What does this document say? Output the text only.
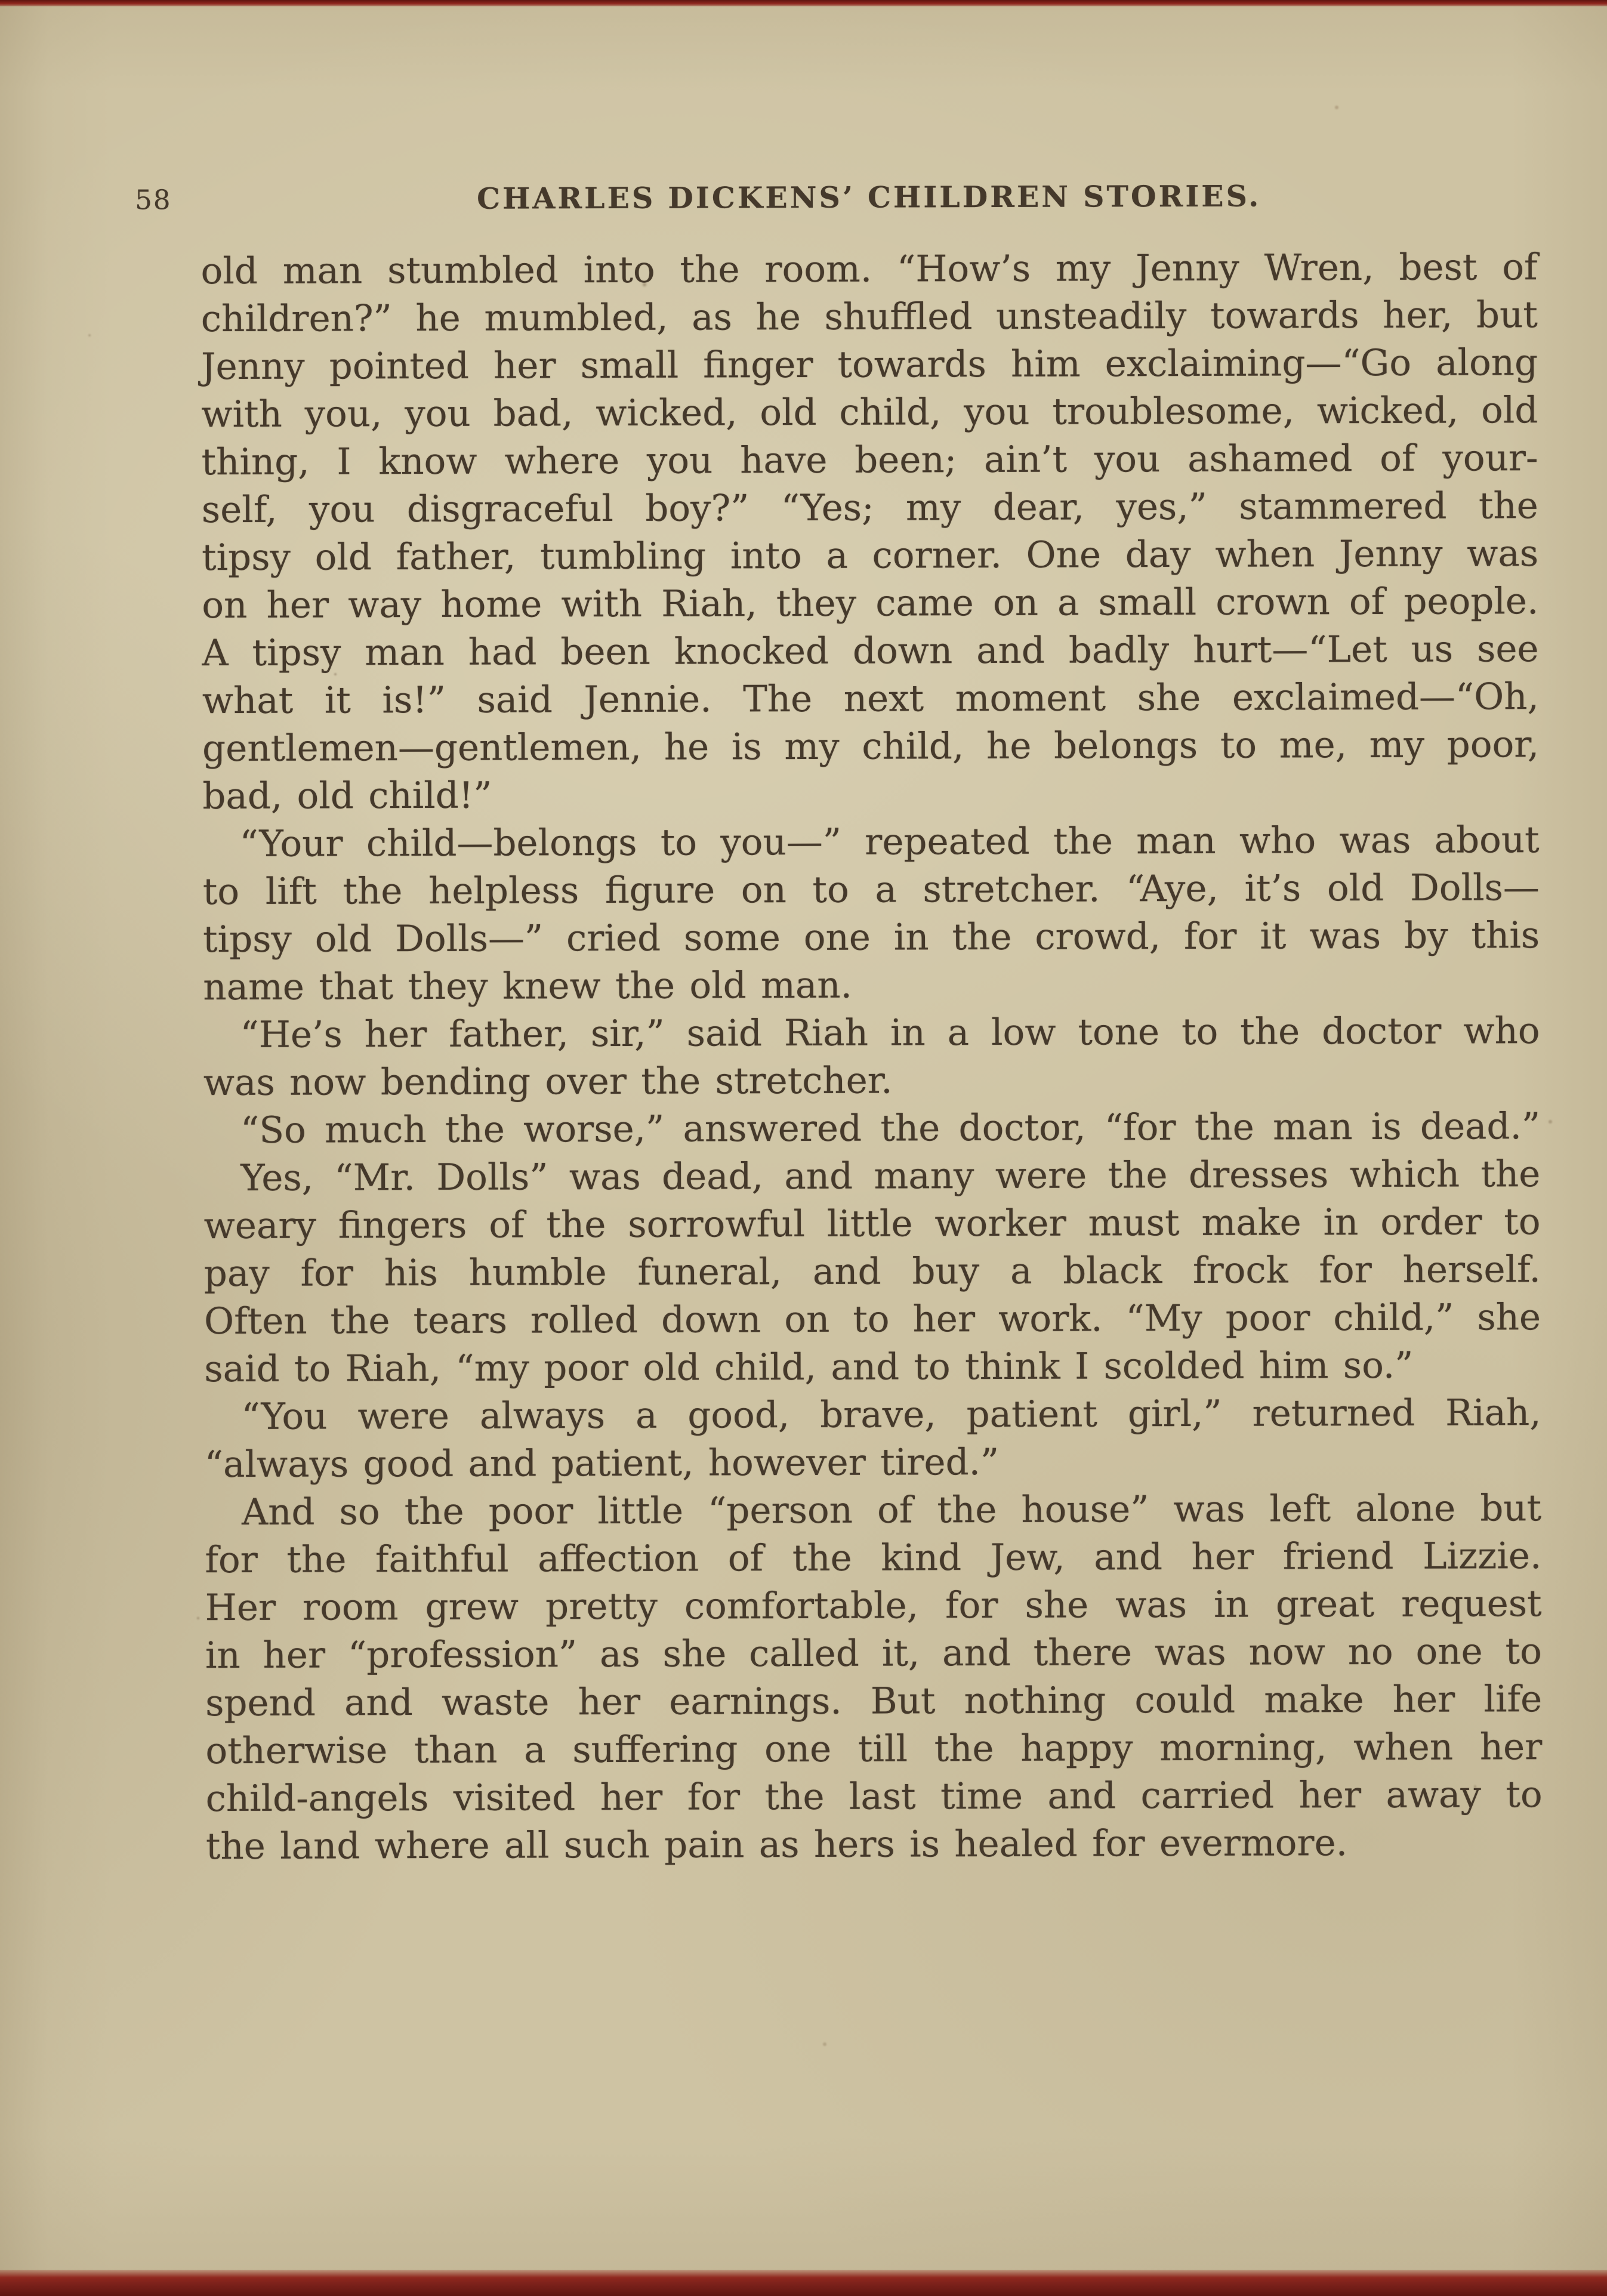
58	CHARLES DICKENS’ CHILDREN STORIES.
old man stumbled into the room. “How’s my Jenny Wren, best of
children?” he mumbled, as he shuffled unsteadily towards her, but
Jenny pointed her small finger towards him exclaiming—“Go along
with you, you bad, wicked, old child, you troublesome, wicked, old
thing, I know where you have been; ain’t you ashamed of your-
self, you disgraceful boy?” “Yes; my dear, yes,” stammered the
tipsy old father, tumbling into a corner. One day when Jenny was
on her way home with Riah, they came on a small crown of people.
A tipsy man had been knocked down and badly hurt—“Let us see
what it is!” said Jennie. The next moment she exclaimed—“Oh,
gentlemen—gentlemen, he is my child, he belongs to me, my poor,
bad, old child!”
“Your child—belongs to you—” repeated the man who was about
to lift the helpless figure on to a stretcher. “Aye, it’s old Dolls—
tipsy old Dolls—” cried some one in the crowd, for it was by this
name that they knew the old man.
“He’s her father, sir,” said Riah in a low tone to the doctor who
was now bending over the stretcher.
“So much the worse,” answered the doctor, “for the man is dead.”
Yes, “Mr. Dolls” was dead, and many were the dresses which the
weary fingers of the sorrowful little worker must make in order to
pay for his humble funeral, and buy a black frock for herself.
Often the tears rolled down on to her work. “My poor child,” she
said to Riah, “my poor old child, and to think I scolded him so.”
“You were always a good, brave, patient girl,” returned Riah,
“always good and patient, however tired.”
And so the poor little “person of the house” was left alone but
for the faithful affection of the kind Jew, and her friend Lizzie.
Her room grew pretty comfortable, for she was in great request
in her “profession” as she called it, and there was now no one to
spend and waste her earnings. But nothing could make her life
otherwise than a suffering one till the happy morning, when her
child-angels visited her for the last time and carried her away to
the land where all such pain as hers is healed for evermore.
